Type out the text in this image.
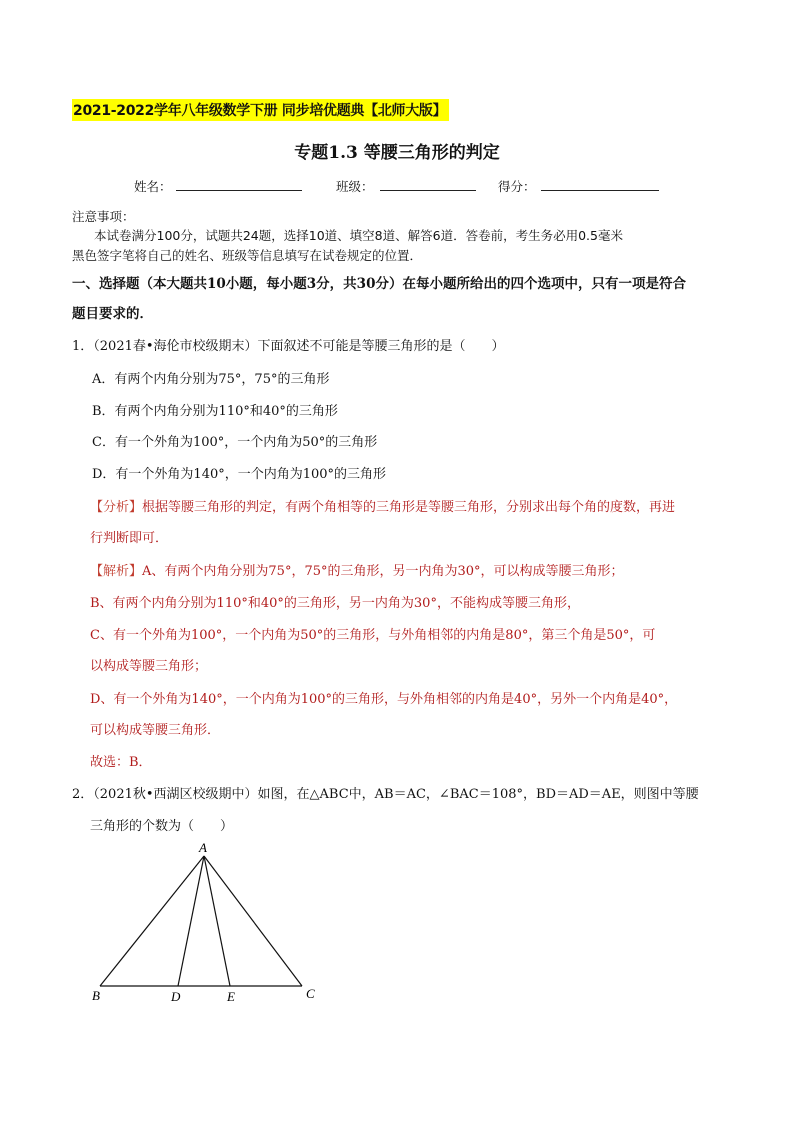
2021-2022学年八年级数学下册 同步培优题典【北师大版】
专题1.3 等腰三角形的判定
姓名：	班级：	得分：
注意事项：
本试卷满分100分，试题共24题，选择10道、填空8道、解答6道．答卷前，考生务必用0.5毫米
黑色签字笔将自己的姓名、班级等信息填写在试卷规定的位置．
一、选择题（本大题共10小题，每小题3分，共30分）在每小题所给出的四个选项中，只有一项是符合
题目要求的．
1．（2021春•海伦市校级期末）下面叙述不可能是等腰三角形的是（　　）
A．有两个内角分别为75°，75°的三角形
B．有两个内角分别为110°和40°的三角形
C．有一个外角为100°，一个内角为50°的三角形
D．有一个外角为140°，一个内角为100°的三角形
【分析】根据等腰三角形的判定，有两个角相等的三角形是等腰三角形，分别求出每个角的度数，再进
行判断即可．
【解析】A、有两个内角分别为75°，75°的三角形，另一内角为30°，可以构成等腰三角形；
B、有两个内角分别为110°和40°的三角形，另一内角为30°，不能构成等腰三角形，
C、有一个外角为100°，一个内角为50°的三角形，与外角相邻的内角是80°，第三个角是50°，可
以构成等腰三角形；
D、有一个外角为140°，一个内角为100°的三角形，与外角相邻的内角是40°，另外一个内角是40°，
可以构成等腰三角形．
故选：B．
2．（2021秋•西湖区校级期中）如图，在△ABC中，AB＝AC，∠BAC＝108°，BD＝AD＝AE，则图中等腰
三角形的个数为（　　）
A
B	D	E	C
